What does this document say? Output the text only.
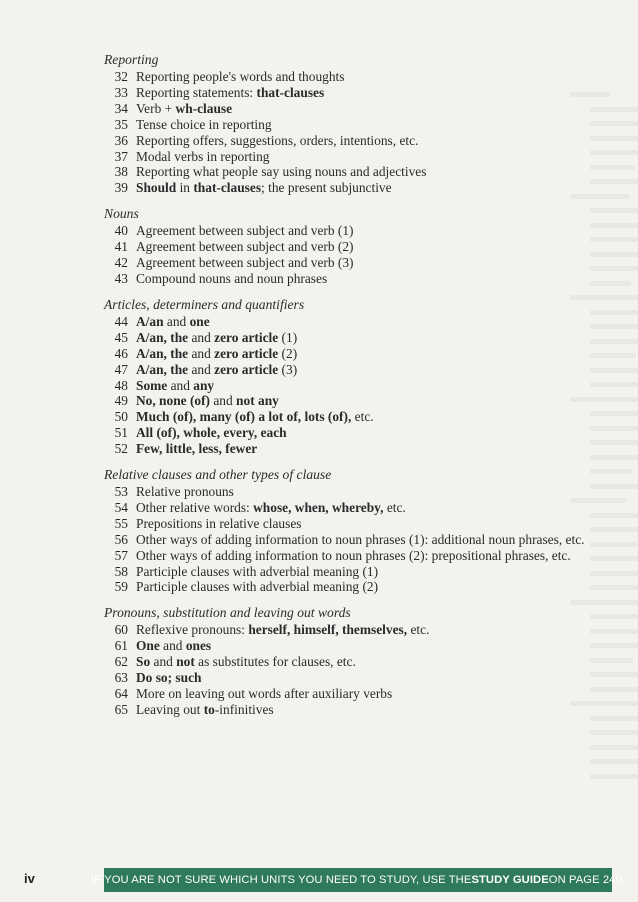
Reporting
32 Reporting people's words and thoughts
33 Reporting statements: that-clauses
34 Verb + wh-clause
35 Tense choice in reporting
36 Reporting offers, suggestions, orders, intentions, etc.
37 Modal verbs in reporting
38 Reporting what people say using nouns and adjectives
39 Should in that-clauses; the present subjunctive
Nouns
40 Agreement between subject and verb (1)
41 Agreement between subject and verb (2)
42 Agreement between subject and verb (3)
43 Compound nouns and noun phrases
Articles, determiners and quantifiers
44 A/an and one
45 A/an, the and zero article (1)
46 A/an, the and zero article (2)
47 A/an, the and zero article (3)
48 Some and any
49 No, none (of) and not any
50 Much (of), many (of) a lot of, lots (of), etc.
51 All (of), whole, every, each
52 Few, little, less, fewer
Relative clauses and other types of clause
53 Relative pronouns
54 Other relative words: whose, when, whereby, etc.
55 Prepositions in relative clauses
56 Other ways of adding information to noun phrases (1): additional noun phrases, etc.
57 Other ways of adding information to noun phrases (2): prepositional phrases, etc.
58 Participle clauses with adverbial meaning (1)
59 Participle clauses with adverbial meaning (2)
Pronouns, substitution and leaving out words
60 Reflexive pronouns: herself, himself, themselves, etc.
61 One and ones
62 So and not as substitutes for clauses, etc.
63 Do so; such
64 More on leaving out words after auxiliary verbs
65 Leaving out to-infinitives
iv	IF YOU ARE NOT SURE WHICH UNITS YOU NEED TO STUDY, USE THE STUDY GUIDE ON PAGE 240.
